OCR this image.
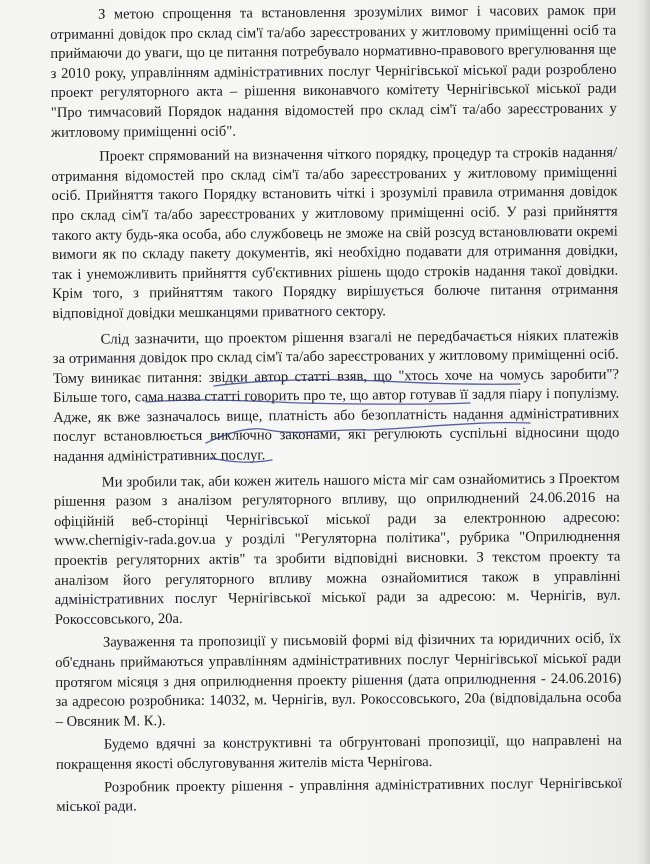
З метою спрощення та встановлення зрозумілих вимог і часових рамок при отриманні довідок про склад сім'ї та/або зареєстрованих у житловому приміщенні осіб та приймаючи до уваги, що це питання потребувало нормативно-правового врегулювання ще з 2010 року, управлінням адміністративних послуг Чернігівської міської ради розроблено проект регуляторного акта – рішення виконавчого комітету Чернігівської міської ради "Про тимчасовий Порядок надання відомостей про склад сім'ї та/або зареєстрованих у житловому приміщенні осіб".

Проект спрямований на визначення чіткого порядку, процедур та строків надання/отримання відомостей про склад сім'ї та/або зареєстрованих у житловому приміщенні осіб. Прийняття такого Порядку встановить чіткі і зрозумілі правила отримання довідок про склад сім'ї та/або зареєстрованих у житловому приміщенні осіб. У разі прийняття такого акту будь-яка особа, або службовець не зможе на свій розсуд встановлювати окремі вимоги як по складу пакету документів, які необхідно подавати для отримання довідки, так і унеможливить прийняття суб'єктивних рішень щодо строків надання такої довідки. Крім того, з прийняттям такого Порядку вирішується болюче питання отримання відповідної довідки мешканцями приватного сектору.

Слід зазначити, що проектом рішення взагалі не передбачається ніяких платежів за отримання довідок про склад сім'ї та/або зареєстрованих у житловому приміщенні осіб. Тому виникає питання: звідки автор статті взяв, що "хтось хоче на чомусь заробити"? Більше того, сама назва статті говорить про те, що автор готував її задля піару і популізму. Адже, як вже зазначалось вище, платність або безоплатність надання адміністративних послуг встановлюється виключно законами, які регулюють суспільні відносини щодо надання адміністративних послуг.

Ми зробили так, аби кожен житель нашого міста міг сам ознайомитись з Проектом рішення разом з аналізом регуляторного впливу, що оприлюднений 24.06.2016 на офіційній веб-сторінці Чернігівської міської ради за електронною адресою: www.chernigiv-rada.gov.ua у розділі "Регуляторна політика", рубрика "Оприлюднення проектів регуляторних актів" та зробити відповідні висновки. З текстом проекту та аналізом його регуляторного впливу можна ознайомитися також в управлінні адміністративних послуг Чернігівської міської ради за адресою: м. Чернігів, вул. Рокоссовського, 20а.

Зауваження та пропозиції у письмовій формі від фізичних та юридичних осіб, їх об'єднань приймаються управлінням адміністративних послуг Чернігівської міської ради протягом місяця з дня оприлюднення проекту рішення (дата оприлюднення - 24.06.2016) за адресою розробника: 14032, м. Чернігів, вул. Рокоссовського, 20а (відповідальна особа – Овсяник М. К.).

Будемо вдячні за конструктивні та обгрунтовані пропозиції, що направлені на покращення якості обслуговування жителів міста Чернігова.

Розробник проекту рішення - управління адміністративних послуг Чернігівської міської ради.
